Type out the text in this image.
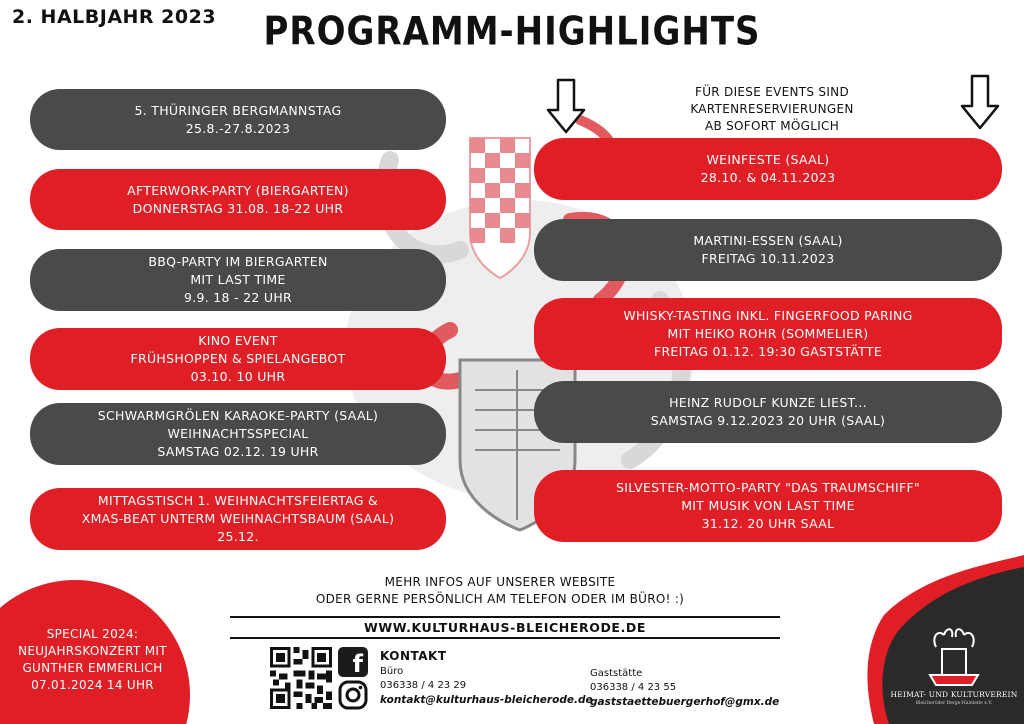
2. HALBJAHR 2023	PROGRAMM-HIGHLIGHTS
5. THÜRINGER BERGMANNSTAG
25.8.-27.8.2023
AFTERWORK-PARTY (BIERGARTEN)
DONNERSTAG 31.08. 18-22 UHR
BBQ-PARTY IM BIERGARTEN
MIT LAST TIME
9.9. 18 - 22 UHR
KINO EVENT
FRÜHSHOPPEN & SPIELANGEBOT
03.10. 10 UHR
SCHWARMGRÖLEN KARAOKE-PARTY (SAAL)
WEIHNACHTSSPECIAL
SAMSTAG 02.12. 19 UHR
MITTAGSTISCH 1. WEIHNACHTSFEIERTAG &
XMAS-BEAT UNTERM WEIHNACHTSBAUM (SAAL)
25.12.
FÜR DIESE EVENTS SIND KARTENRESERVIERUNGEN
AB SOFORT MÖGLICH
WEINFESTE (SAAL)
28.10. & 04.11.2023
MARTINI-ESSEN (SAAL)
FREITAG 10.11.2023
WHISKY-TASTING INKL. FINGERFOOD PARING
MIT HEIKO ROHR (SOMMELIER)
FREITAG 01.12. 19:30 GASTSTÄTTE
HEINZ RUDOLF KUNZE LIEST...
SAMSTAG 9.12.2023 20 UHR (SAAL)
SILVESTER-MOTTO-PARTY "DAS TRAUMSCHIFF"
MIT MUSIK VON LAST TIME
31.12. 20 UHR SAAL
MEHR INFOS AUF UNSERER WEBSITE
ODER GERNE PERSÖNLICH AM TELEFON ODER IM BÜRO! :)
WWW.KULTURHAUS-BLEICHERODE.DE
SPECIAL 2024:
NEUJAHRSKONZERT MIT
GUNTHER EMMERLICH
07.01.2024 14 UHR
f	KONTAKT
Büro
036338 / 4 23 29
kontakt@kulturhaus-bleicherode.de
Gaststätte
036338 / 4 23 55
gaststaettebuergerhof@gmx.de
HEIMAT- UND KULTURVEREIN
Bleicheröder Berge-Hainleite e.V.
